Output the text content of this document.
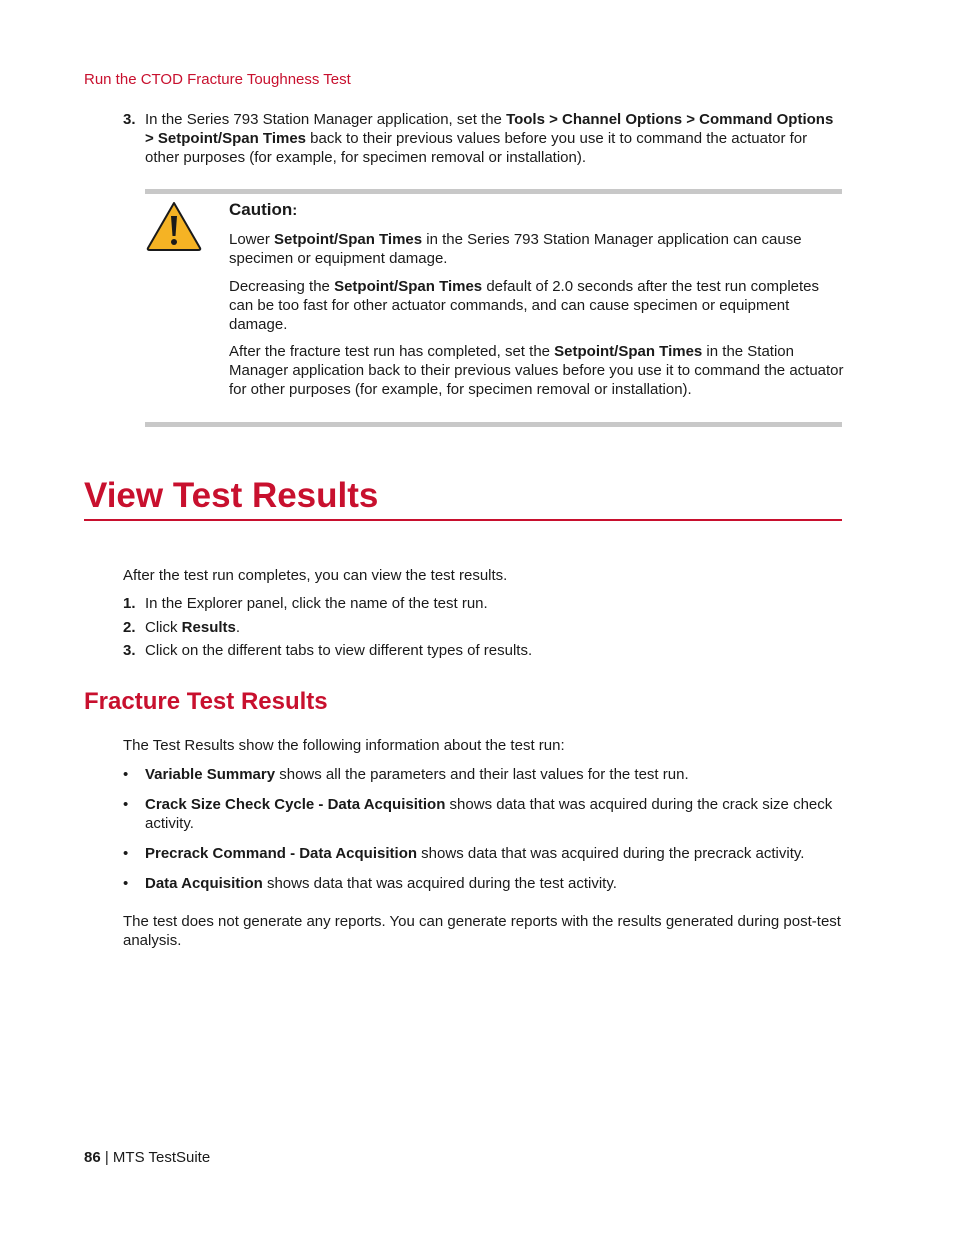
Run the CTOD Fracture Toughness Test
3. In the Series 793 Station Manager application, set the Tools > Channel Options > Command Options > Setpoint/Span Times back to their previous values before you use it to command the actuator for other purposes (for example, for specimen removal or installation).
Caution:
Lower Setpoint/Span Times in the Series 793 Station Manager application can cause specimen or equipment damage.
Decreasing the Setpoint/Span Times default of 2.0 seconds after the test run completes can be too fast for other actuator commands, and can cause specimen or equipment damage.
After the fracture test run has completed, set the Setpoint/Span Times in the Station Manager application back to their previous values before you use it to command the actuator for other purposes (for example, for specimen removal or installation).
View Test Results
After the test run completes, you can view the test results.
1. In the Explorer panel, click the name of the test run.
2. Click Results.
3. Click on the different tabs to view different types of results.
Fracture Test Results
The Test Results show the following information about the test run:
• Variable Summary shows all the parameters and their last values for the test run.
• Crack Size Check Cycle - Data Acquisition shows data that was acquired during the crack size check activity.
• Precrack Command - Data Acquisition shows data that was acquired during the precrack activity.
• Data Acquisition shows data that was acquired during the test activity.
The test does not generate any reports. You can generate reports with the results generated during post-test analysis.
86 | MTS TestSuite
